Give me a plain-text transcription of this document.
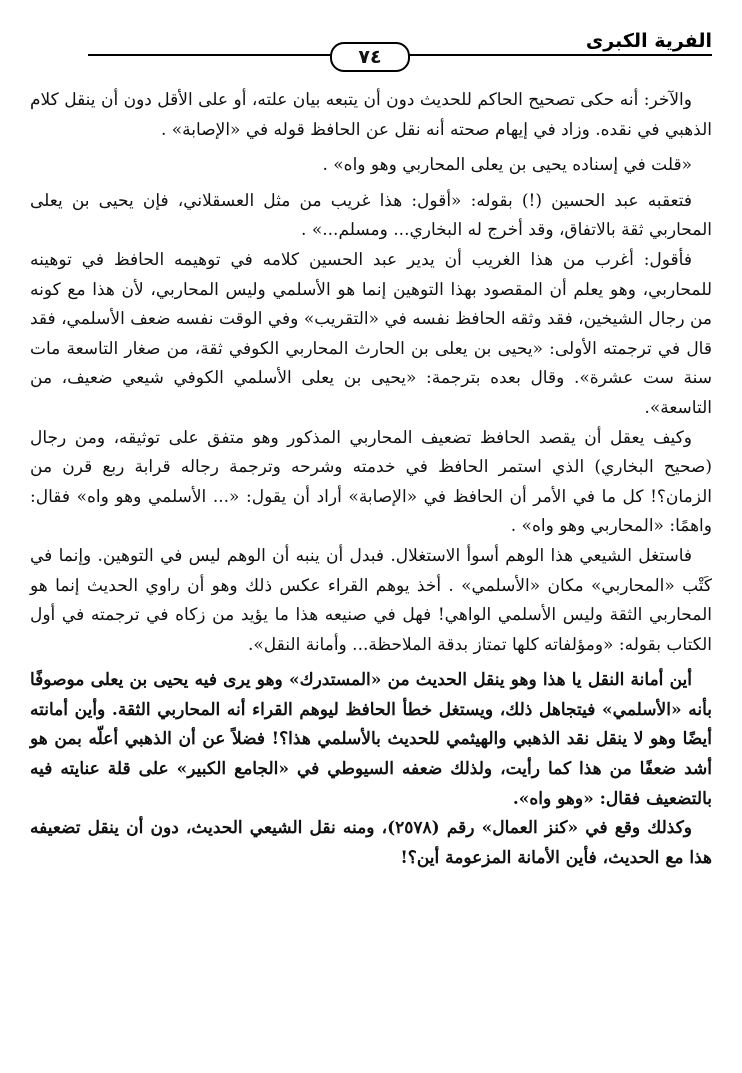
الفرية الكبرى
٧٤

والآخر: أنه حكى تصحيح الحاكم للحديث دون أن يتبعه بيان علته، أو على الأقل دون أن ينقل كلام الذهبي في نقده. وزاد في إيهام صحته أنه نقل عن الحافظ قوله في «الإصابة» .

«قلت في إسناده يحيى بن يعلى المحاربي وهو واه» .

فتعقبه عبد الحسين (!) بقوله: «أقول: هذا غريب من مثل العسقلاني، فإن يحيى بن يعلى المحاربي ثقة بالاتفاق، وقد أخرج له البخاري... ومسلم...» .

فأقول: أغرب من هذا الغريب أن يدير عبد الحسين كلامه في توهيمه الحافظ في توهينه للمحاربي، وهو يعلم أن المقصود بهذا التوهين إنما هو الأسلمي وليس المحاربي، لأن هذا مع كونه من رجال الشيخين، فقد وثقه الحافظ نفسه في «التقريب» وفي الوقت نفسه ضعف الأسلمي، فقد قال في ترجمته الأولى: «يحيى بن يعلى بن الحارث المحاربي الكوفي ثقة، من صغار التاسعة مات سنة ست عشرة». وقال بعده بترجمة: «يحيى بن يعلى الأسلمي الكوفي شيعي ضعيف، من التاسعة».

وكيف يعقل أن يقصد الحافظ تضعيف المحاربي المذكور وهو متفق على توثيقه، ومن رجال (صحيح البخاري) الذي استمر الحافظ في خدمته وشرحه وترجمة رجاله قرابة ربع قرن من الزمان؟! كل ما في الأمر أن الحافظ في «الإصابة» أراد أن يقول: «... الأسلمي وهو واه» فقال: واهمًا: «المحاربي وهو واه» .

فاستغل الشيعي هذا الوهم أسوأ الاستغلال. فبدل أن ينبه أن الوهم ليس في التوهين. وإنما في كَتْب «المحاربي» مكان «الأسلمي» . أخذ يوهم القراء عكس ذلك وهو أن راوي الحديث إنما هو المحاربي الثقة وليس الأسلمي الواهي! فهل في صنيعه هذا ما يؤيد من زكاه في ترجمته في أول الكتاب بقوله: «ومؤلفاته كلها تمتاز بدقة الملاحظة... وأمانة النقل».

أين أمانة النقل يا هذا وهو ينقل الحديث من «المستدرك» وهو يرى فيه يحيى بن يعلى موصوفًا بأنه «الأسلمي» فيتجاهل ذلك، ويستغل خطأ الحافظ ليوهم القراء أنه المحاربي الثقة. وأين أمانته أيضًا وهو لا ينقل نقد الذهبي والهيثمي للحديث بالأسلمي هذا؟! فضلاً عن أن الذهبي أعلّه بمن هو أشد ضعفًا من هذا كما رأيت، ولذلك ضعفه السيوطي في «الجامع الكبير» على قلة عنايته فيه بالتضعيف فقال: «وهو واه».

وكذلك وقع في «كنز العمال» رقم (٢٥٧٨)، ومنه نقل الشيعي الحديث، دون أن ينقل تضعيفه هذا مع الحديث، فأين الأمانة المزعومة أين؟!
